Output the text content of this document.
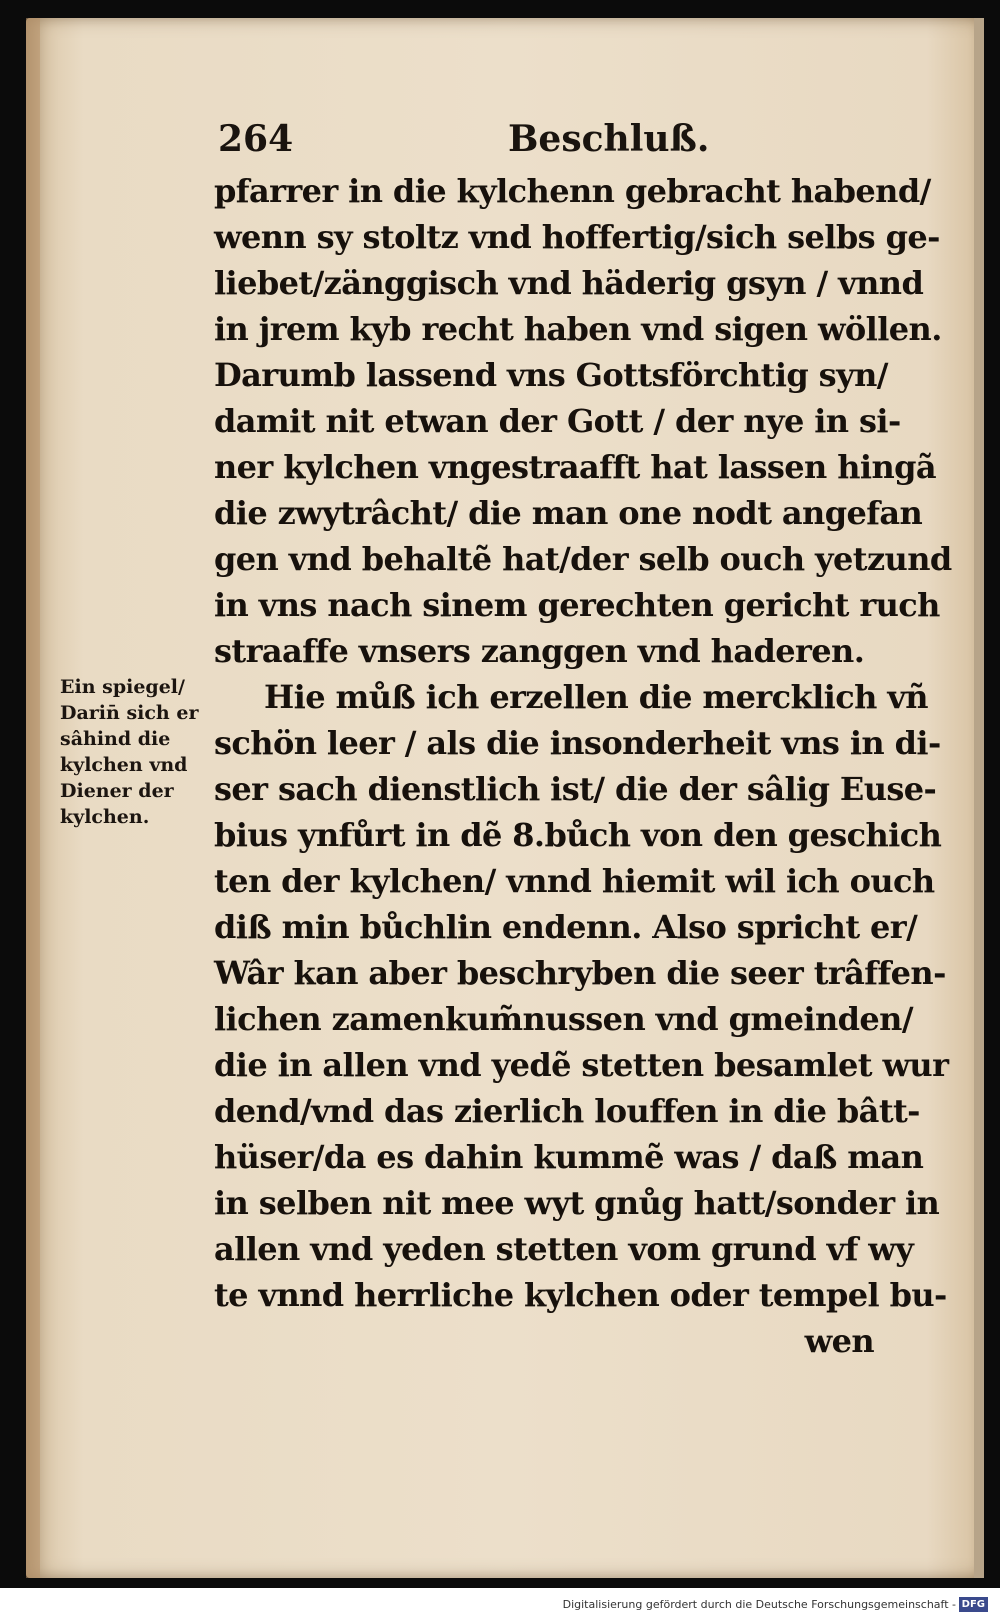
264	Beschluß.
pfarrer in die kylchenn gebracht habend/
wenn sy stoltz vnd hoffertig/sich selbs ge-
liebet/zänggisch vnd häderig gsyn / vnnd
in jrem kyb recht haben vnd sigen wöllen.
Darumb lassend vns Gottsförchtig syn/
damit nit etwan der Gott / der nye in si-
ner kylchen vngestraafft hat lassen hingã
die zwytrâcht/ die man one nodt angefan
gen vnd behaltẽ hat/der selb ouch yetzund
in vns nach sinem gerechten gericht ruch
straaffe vnsers zanggen vnd haderen.
Hie můß ich erzellen die mercklich vñ
schön leer / als die insonderheit vns in di-
ser sach dienstlich ist/ die der sâlig Euse-
bius ynfůrt in dẽ 8.bůch von den geschich
ten der kylchen/ vnnd hiemit wil ich ouch
diß min bůchlin endenn. Also spricht er/
Wâr kan aber beschryben die seer trâffen-
lichen zamenkum̃nussen vnd gmeinden/
die in allen vnd yedẽ stetten besamlet wur
dend/vnd das zierlich louffen in die bâtt-
hüser/da es dahin kummẽ was / daß man
in selben nit mee wyt gnůg hatt/sonder in
allen vnd yeden stetten vom grund vf wy
te vnnd herrliche kylchen oder tempel bu-
wen
Ein spiegel/
Darin̄ sich er
sâhind die
kylchen vnd
Diener der
kylchen.
Digitalisierung gefördert durch die Deutsche Forschungsgemeinschaft - DFG
